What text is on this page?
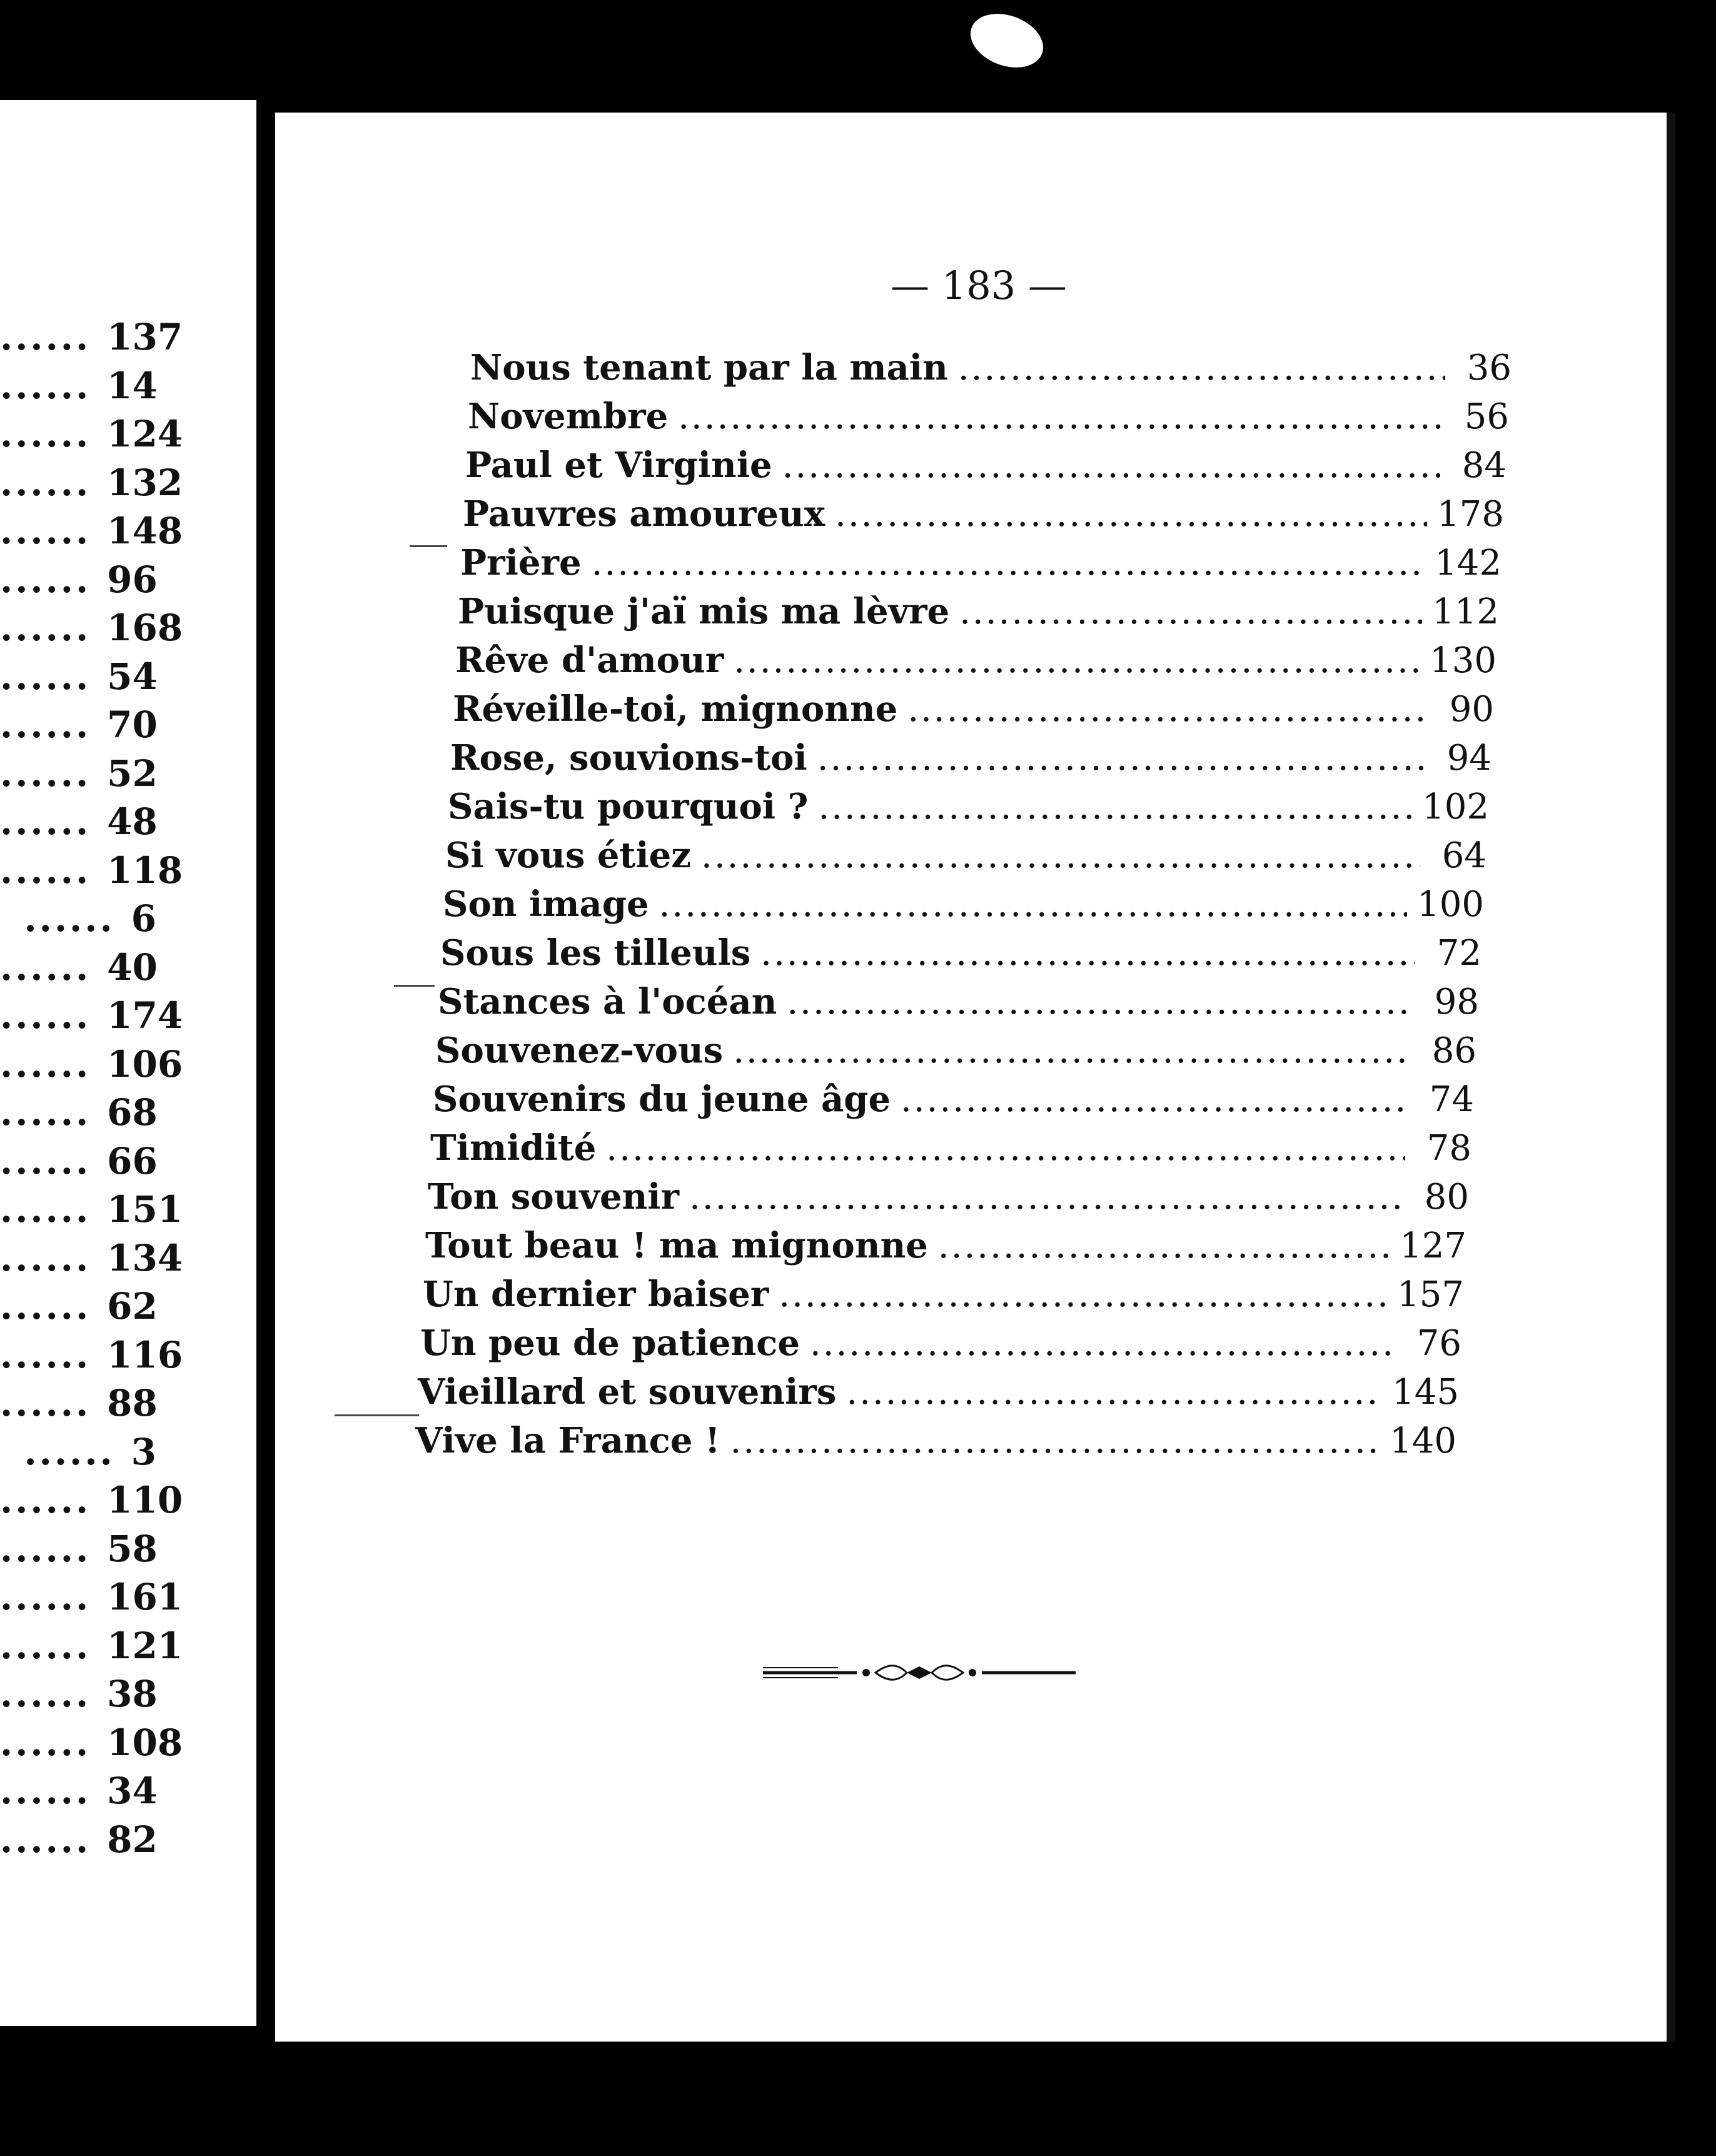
— 183 —
Nous tenant par la main .....	36
Novembre .....	56
Paul et Virginie .....	84
Pauvres amoureux .....	178
Prière .....	142
Puisque j'aï mis ma lèvre .....	112
Rêve d'amour .....	130
Réveille-toi, mignonne .....	90
Rose, souvions-toi .....	94
Sais-tu pourquoi ? .....	102
Si vous étiez .....	64
Son image .....	100
Sous les tilleuls .....	72
Stances à l'océan .....	98
Souvenez-vous .....	86
Souvenirs du jeune âge .....	74
Timidité .....	78
Ton souvenir .....	80
Tout beau ! ma mignonne .....	127
Un dernier baiser .....	157
Un peu de patience .....	76
Vieillard et souvenirs .....	145
Vive la France ! .....	140
...... 137
...... 14
...... 124
...... 132
...... 148
...... 96
...... 168
...... 54
...... 70
...... 52
...... 48
...... 118
...... 6
...... 40
...... 174
...... 106
...... 68
...... 66
...... 151
...... 134
...... 62
...... 116
...... 88
...... 3
...... 110
...... 58
...... 161
...... 121
...... 38
...... 108
...... 34
...... 82
